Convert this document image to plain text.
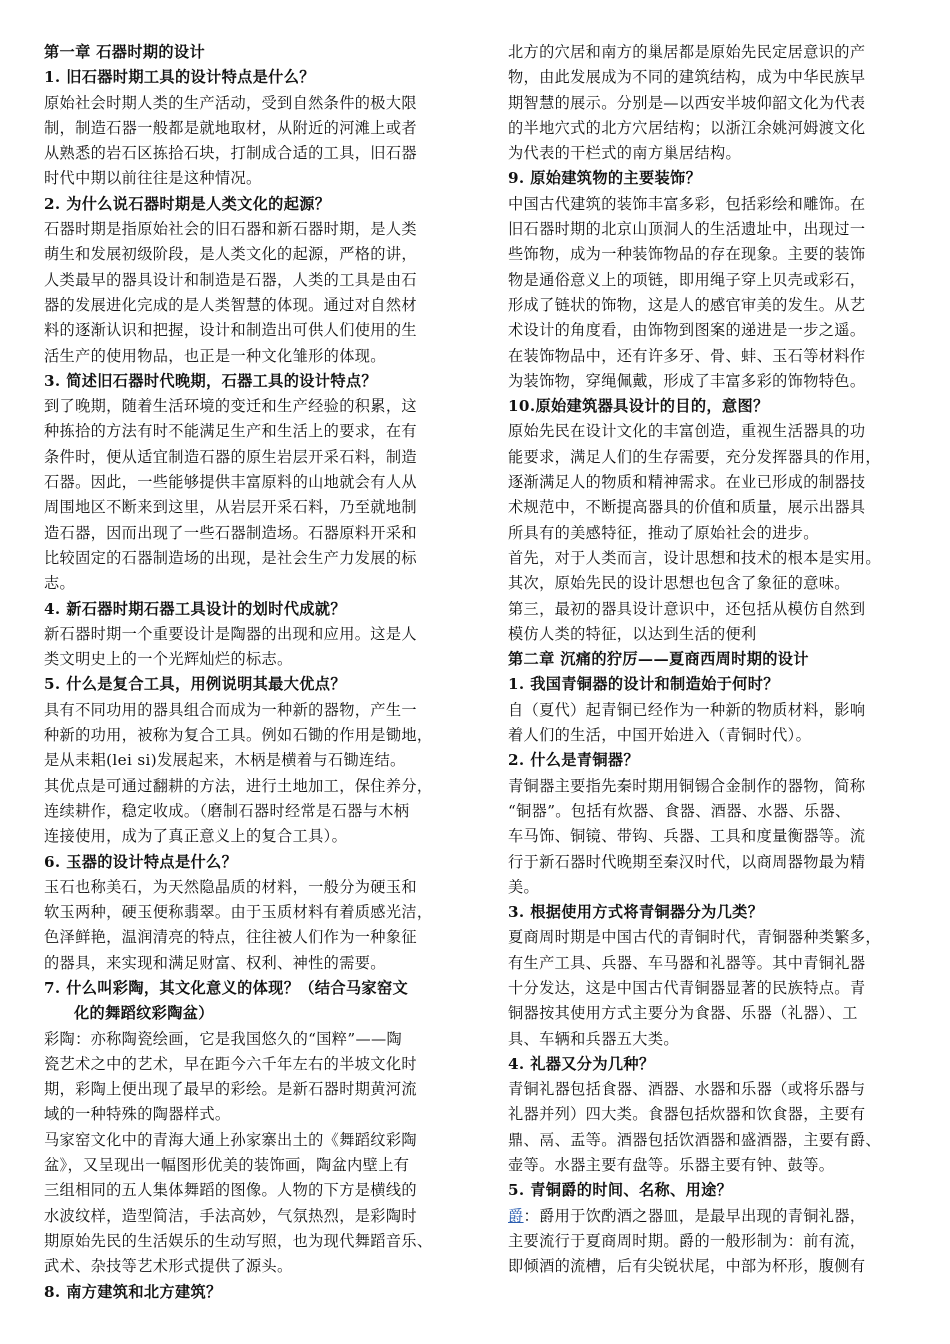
第一章 石器时期的设计
1. 旧石器时期工具的设计特点是什么？
原始社会时期人类的生产活动，受到自然条件的极大限
制，制造石器一般都是就地取材，从附近的河滩上或者
从熟悉的岩石区拣拾石块，打制成合适的工具，旧石器
时代中期以前往往是这种情况。
2. 为什么说石器时期是人类文化的起源？
石器时期是指原始社会的旧石器和新石器时期，是人类
萌生和发展初级阶段，是人类文化的起源，严格的讲，
人类最早的器具设计和制造是石器，人类的工具是由石
器的发展进化完成的是人类智慧的体现。通过对自然材
料的逐渐认识和把握，设计和制造出可供人们使用的生
活生产的使用物品，也正是一种文化雏形的体现。
3. 简述旧石器时代晚期，石器工具的设计特点？
到了晚期，随着生活环境的变迁和生产经验的积累，这
种拣拾的方法有时不能满足生产和生活上的要求，在有
条件时，便从适宜制造石器的原生岩层开采石料，制造
石器。因此，一些能够提供丰富原料的山地就会有人从
周围地区不断来到这里，从岩层开采石料，乃至就地制
造石器，因而出现了一些石器制造场。石器原料开采和
比较固定的石器制造场的出现，是社会生产力发展的标
志。
4. 新石器时期石器工具设计的划时代成就？
新石器时期一个重要设计是陶器的出现和应用。这是人
类文明史上的一个光辉灿烂的标志。
5. 什么是复合工具，用例说明其最大优点？
具有不同功用的器具组合而成为一种新的器物，产生一
种新的功用，被称为复合工具。例如石锄的作用是锄地，
是从耒耜(lei si)发展起来，木柄是横着与石锄连结。
其优点是可通过翻耕的方法，进行土地加工，保住养分，
连续耕作，稳定收成。（磨制石器时经常是石器与木柄
连接使用，成为了真正意义上的复合工具）。
6. 玉器的设计特点是什么？
玉石也称美石，为天然隐晶质的材料，一般分为硬玉和
软玉两种，硬玉便称翡翠。由于玉质材料有着质感光洁，
色泽鲜艳，温润清亮的特点，往往被人们作为一种象征
的器具，来实现和满足财富、权利、神性的需要。
7. 什么叫彩陶，其文化意义的体现？（结合马家窑文
化的舞蹈纹彩陶盆）
彩陶：亦称陶瓷绘画，它是我国悠久的“国粹”——陶
瓷艺术之中的艺术，早在距今六千年左右的半坡文化时
期，彩陶上便出现了最早的彩绘。是新石器时期黄河流
域的一种特殊的陶器样式。
马家窑文化中的青海大通上孙家寨出土的《舞蹈纹彩陶
盆》，又呈现出一幅图形优美的装饰画，陶盆内壁上有
三组相同的五人集体舞蹈的图像。人物的下方是横线的
水波纹样，造型简洁，手法高妙，气氛热烈，是彩陶时
期原始先民的生活娱乐的生动写照，也为现代舞蹈音乐、
武术、杂技等艺术形式提供了源头。
8. 南方建筑和北方建筑？
北方的穴居和南方的巢居都是原始先民定居意识的产
物，由此发展成为不同的建筑结构，成为中华民族早
期智慧的展示。分别是—以西安半坡仰韶文化为代表
的半地穴式的北方穴居结构；以浙江余姚河姆渡文化
为代表的干栏式的南方巢居结构。
9. 原始建筑物的主要装饰？
中国古代建筑的装饰丰富多彩，包括彩绘和雕饰。在
旧石器时期的北京山顶洞人的生活遗址中，出现过一
些饰物，成为一种装饰物品的存在现象。主要的装饰
物是通俗意义上的项链，即用绳子穿上贝壳或彩石，
形成了链状的饰物，这是人的感官审美的发生。从艺
术设计的角度看，由饰物到图案的递进是一步之遥。
在装饰物品中，还有许多牙、骨、蚌、玉石等材料作
为装饰物，穿绳佩戴，形成了丰富多彩的饰物特色。
10.原始建筑器具设计的目的，意图？
原始先民在设计文化的丰富创造，重视生活器具的功
能要求，满足人们的生存需要，充分发挥器具的作用，
逐渐满足人的物质和精神需求。在业已形成的制器技
术规范中，不断提高器具的价值和质量，展示出器具
所具有的美感特征，推动了原始社会的进步。
首先，对于人类而言，设计思想和技术的根本是实用。
其次，原始先民的设计思想也包含了象征的意味。
第三，最初的器具设计意识中，还包括从模仿自然到
模仿人类的特征，以达到生活的便利
第二章 沉痛的狞厉——夏商西周时期的设计
1. 我国青铜器的设计和制造始于何时？
自（夏代）起青铜已经作为一种新的物质材料，影响
着人们的生活，中国开始进入（青铜时代）。
2. 什么是青铜器？
青铜器主要指先秦时期用铜锡合金制作的器物，简称
“铜器”。包括有炊器、食器、酒器、水器、乐器、
车马饰、铜镜、带钩、兵器、工具和度量衡器等。流
行于新石器时代晚期至秦汉时代，以商周器物最为精
美。
3. 根据使用方式将青铜器分为几类？
夏商周时期是中国古代的青铜时代，青铜器种类繁多，
有生产工具、兵器、车马器和礼器等。其中青铜礼器
十分发达，这是中国古代青铜器显著的民族特点。青
铜器按其使用方式主要分为食器、乐器（礼器）、工
具、车辆和兵器五大类。
4. 礼器又分为几种？
青铜礼器包括食器、酒器、水器和乐器（或将乐器与
礼器并列）四大类。食器包括炊器和饮食器，主要有
鼎、鬲、盂等。酒器包括饮酒器和盛酒器，主要有爵、
壶等。水器主要有盘等。乐器主要有钟、鼓等。
5. 青铜爵的时间、名称、用途？
爵：爵用于饮酌酒之器皿，是最早出现的青铜礼器，
主要流行于夏商周时期。爵的一般形制为：前有流，
即倾酒的流槽，后有尖锐状尾，中部为杯形，腹侧有
